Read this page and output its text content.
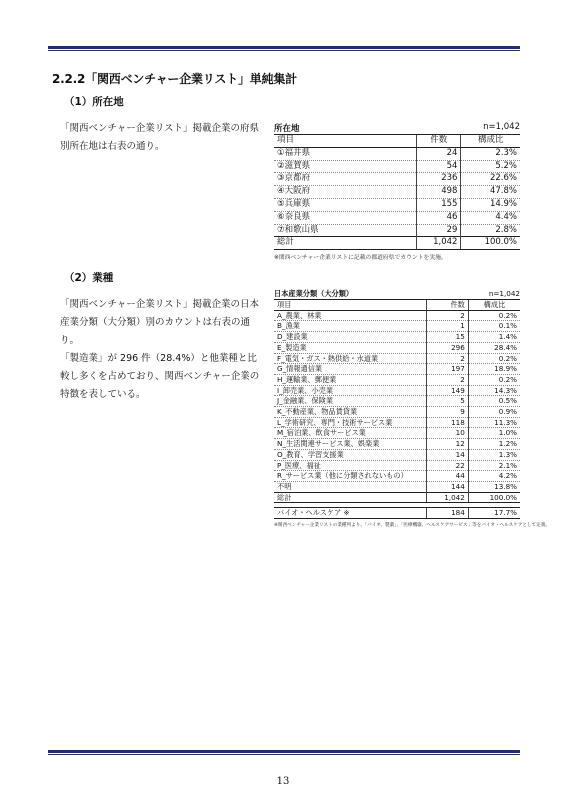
2.2.2「関西ベンチャー企業リスト」単純集計
（1）所在地
「関西ベンチャー企業リスト」掲載企業の府県別所在地は右表の通り。
所在地	n=1,042
項目	件数	構成比
①福井県	24	2.3%
②滋賀県	54	5.2%
③京都府	236	22.6%
④大阪府	498	47.8%
⑤兵庫県	155	14.9%
⑥奈良県	46	4.4%
⑦和歌山県	29	2.8%
総計	1,042	100.0%
※関西ベンチャー企業リストに記載の都道府県でカウントを実施。
（2）業種
「関西ベンチャー企業リスト」掲載企業の日本産業分類（大分類）別のカウントは右表の通り。
「製造業」が 296 件（28.4%）と他業種と比較し多くを占めており、関西ベンチャー企業の特徴を表している。
日本産業分類（大分類）	n=1,042
項目	件数	構成比
A_農業、林業	2	0.2%
B_漁業	1	0.1%
D_建設業	15	1.4%
E_製造業	296	28.4%
F_電気・ガス・熱供給・水道業	2	0.2%
G_情報通信業	197	18.9%
H_運輸業、郵便業	2	0.2%
I_卸売業、小売業	149	14.3%
J_金融業、保険業	5	0.5%
K_不動産業、物品賃貸業	9	0.9%
L_学術研究、専門・技術サービス業	118	11.3%
M_宿泊業、飲食サービス業	10	1.0%
N_生活関連サービス業、娯楽業	12	1.2%
O_教育、学習支援業	14	1.3%
P_医療、福祉	22	2.1%
R_サービス業（他に分類されないもの）	44	4.2%
不明	144	13.8%
総計	1,042	100.0%

バイオ・ヘルスケア ※	184	17.7%
※関西ベンチャー企業リストの業種列より、「バイオ、製薬」、「医療機器、ヘルスケアサービス」等をバイオ・ヘルスケアとして定義。
13
